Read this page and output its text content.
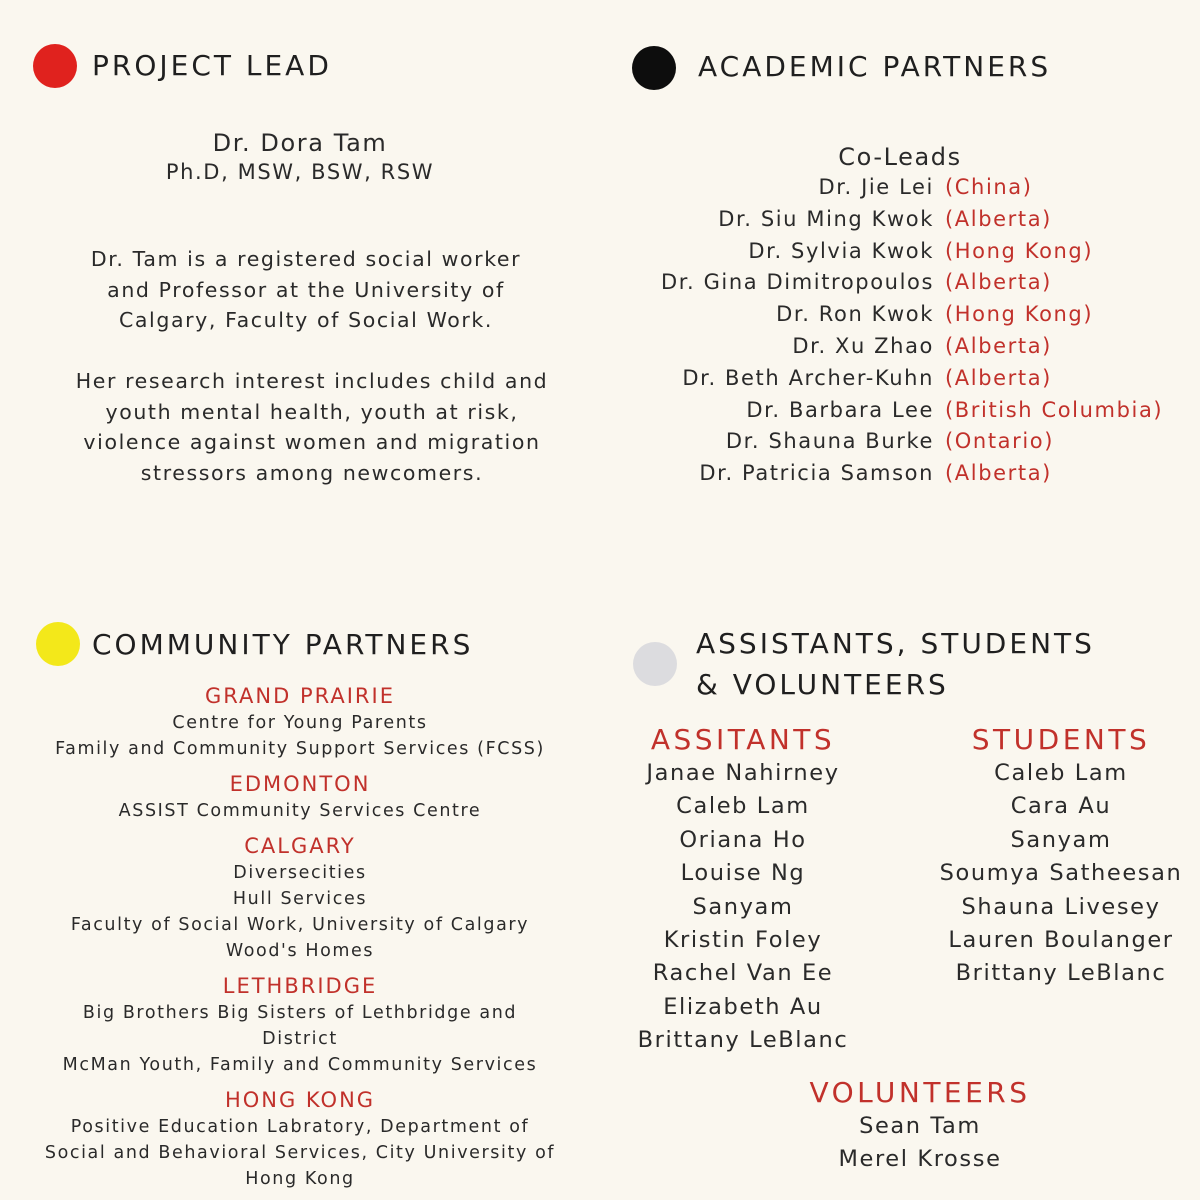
PROJECT LEAD
Dr. Dora Tam
Ph.D, MSW, BSW, RSW
Dr. Tam is a registered social worker
and Professor at the University of
Calgary, Faculty of Social Work.
Her research interest includes child and
youth mental health, youth at risk,
violence against women and migration
stressors among newcomers.
ACADEMIC PARTNERS
Co-Leads
Dr. Jie Lei (China)
Dr. Siu Ming Kwok (Alberta)
Dr. Sylvia Kwok (Hong Kong)
Dr. Gina Dimitropoulos (Alberta)
Dr. Ron Kwok (Hong Kong)
Dr. Xu Zhao (Alberta)
Dr. Beth Archer-Kuhn (Alberta)
Dr. Barbara Lee (British Columbia)
Dr. Shauna Burke (Ontario)
Dr. Patricia Samson (Alberta)
COMMUNITY PARTNERS
GRAND PRAIRIE
Centre for Young Parents
Family and Community Support Services (FCSS)
EDMONTON
ASSIST Community Services Centre
CALGARY
Diversecities
Hull Services
Faculty of Social Work, University of Calgary
Wood's Homes
LETHBRIDGE
Big Brothers Big Sisters of Lethbridge and
District
McMan Youth, Family and Community Services
HONG KONG
Positive Education Labratory, Department of
Social and Behavioral Services, City University of
Hong Kong
ASSISTANTS, STUDENTS
& VOLUNTEERS
ASSITANTS
Janae Nahirney
Caleb Lam
Oriana Ho
Louise Ng
Sanyam
Kristin Foley
Rachel Van Ee
Elizabeth Au
Brittany LeBlanc
STUDENTS
Caleb Lam
Cara Au
Sanyam
Soumya Satheesan
Shauna Livesey
Lauren Boulanger
Brittany LeBlanc
VOLUNTEERS
Sean Tam
Merel Krosse
